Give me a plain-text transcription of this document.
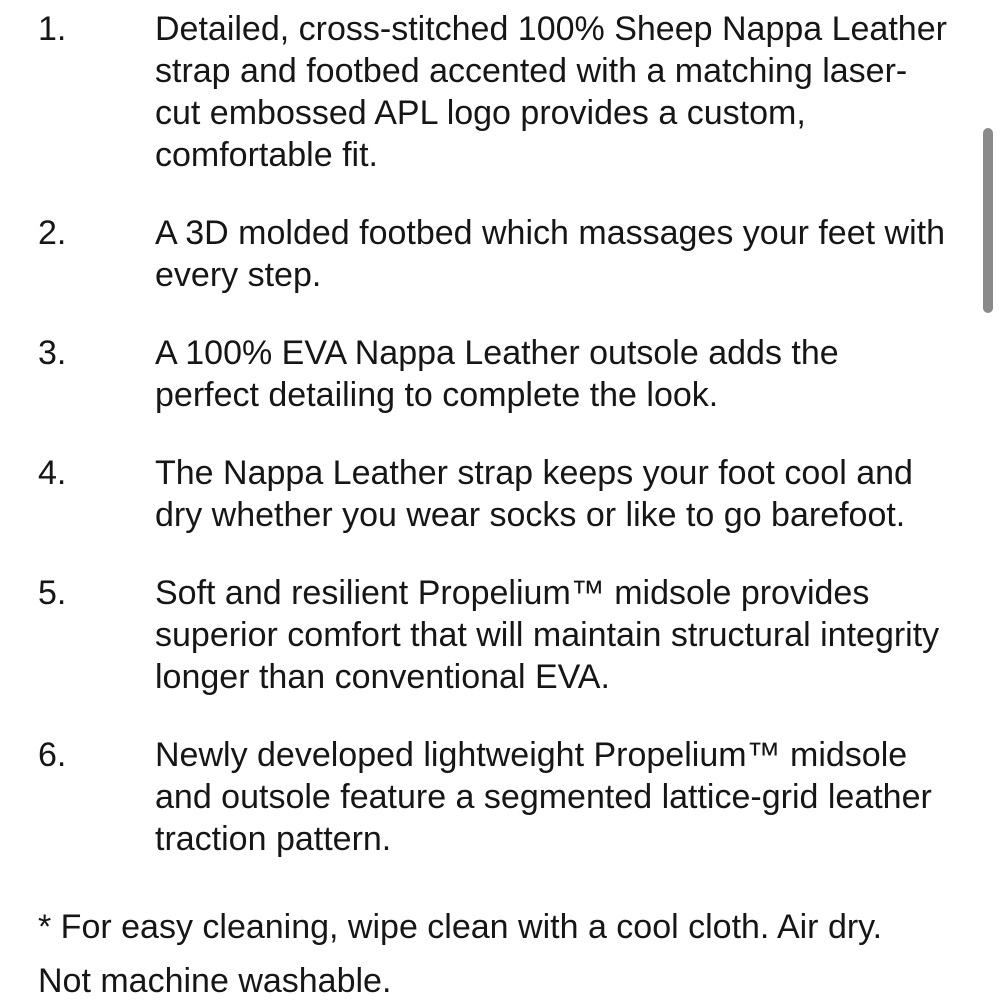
1.	Detailed, cross-stitched 100% Sheep Nappa Leather strap and footbed accented with a matching laser-cut embossed APL logo provides a custom, comfortable fit.
2.	A 3D molded footbed which massages your feet with every step.
3.	A 100% EVA Nappa Leather outsole adds the perfect detailing to complete the look.
4.	The Nappa Leather strap keeps your foot cool and dry whether you wear socks or like to go barefoot.
5.	Soft and resilient Propelium™ midsole provides superior comfort that will maintain structural integrity longer than conventional EVA.
6.	Newly developed lightweight Propelium™ midsole and outsole feature a segmented lattice-grid leather traction pattern.

* For easy cleaning, wipe clean with a cool cloth. Air dry.

Not machine washable.
